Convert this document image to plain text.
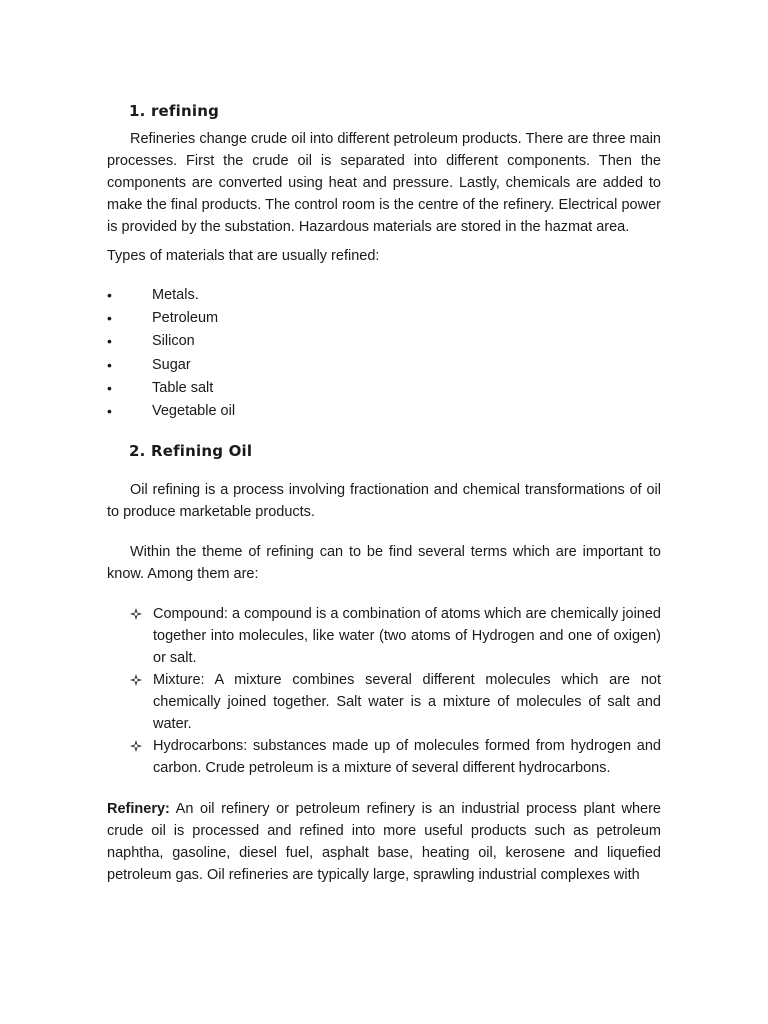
1. refining

Refineries change crude oil into different petroleum products. There are three main processes. First the crude oil is separated into different components. Then the components are converted using heat and pressure. Lastly, chemicals are added to make the final products. The control room is the centre of the refinery. Electrical power is provided by the substation. Hazardous materials are stored in the hazmat area.

Types of materials that are usually refined:

•	Metals.
•	Petroleum
•	Silicon
•	Sugar
•	Table salt
•	Vegetable oil
2. Refining Oil

Oil refining is a process involving fractionation and chemical transformations of oil to produce marketable products.

Within the theme of refining can to be find several terms which are important to know. Among them are:

Compound: a compound is a combination of atoms which are chemically joined together into molecules, like water (two atoms of Hydrogen and one of oxigen) or salt.
Mixture: A mixture combines several different molecules which are not chemically joined together. Salt water is a mixture of molecules of salt and water.
Hydrocarbons: substances made up of molecules formed from hydrogen and carbon. Crude petroleum is a mixture of several different hydrocarbons.

Refinery: An oil refinery or petroleum refinery is an industrial process plant where crude oil is processed and refined into more useful products such as petroleum naphtha, gasoline, diesel fuel, asphalt base, heating oil, kerosene and liquefied petroleum gas. Oil refineries are typically large, sprawling industrial complexes with
